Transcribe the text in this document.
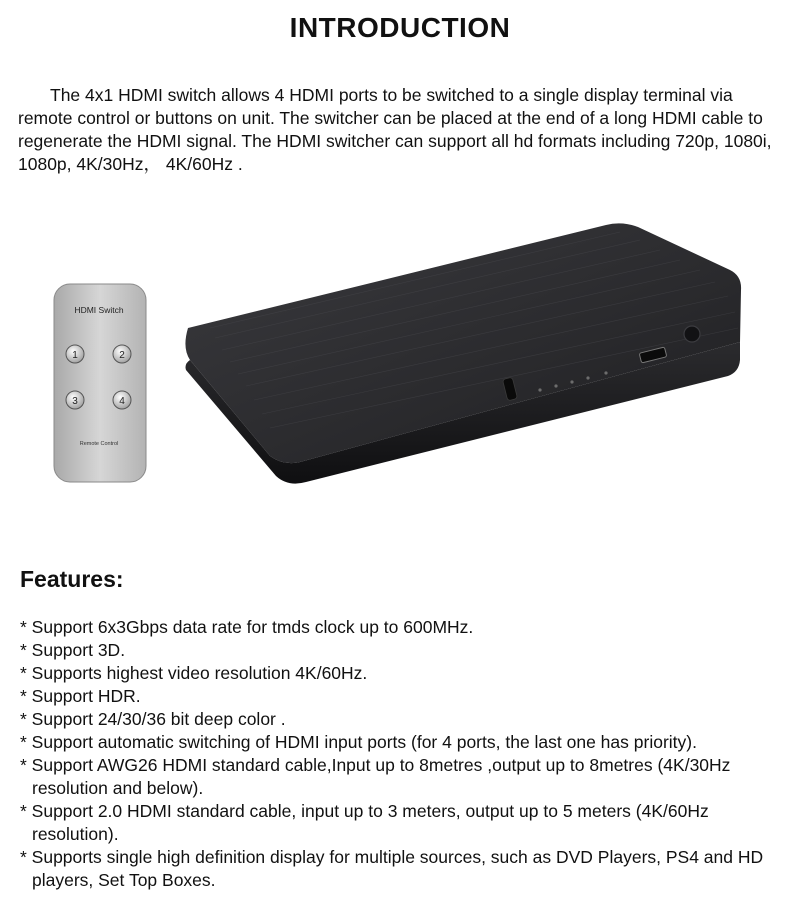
INTRODUCTION

The 4x1 HDMI switch allows 4 HDMI ports to be switched to a single display terminal via remote control or buttons on unit. The switcher can be placed at the end of a long HDMI cable to regenerate the HDMI signal. The HDMI switcher can support all hd formats including 720p, 1080i, 1080p, 4K/30Hz， 4K/60Hz .

HDMI Switch
1	2
3	4
Remote Control
Features:
* Support 6x3Gbps data rate for tmds clock up to 600MHz.
* Support 3D.
* Supports highest video resolution 4K/60Hz.
* Support HDR.
* Support 24/30/36 bit deep color .
* Support automatic switching of HDMI input ports (for 4 ports, the last one has priority).
* Support AWG26 HDMI standard cable,Input up to 8metres ,output up to 8metres (4K/30Hz resolution and below).
* Support 2.0 HDMI standard cable, input up to 3 meters, output up to 5 meters (4K/60Hz resolution).
* Supports single high definition display for multiple sources, such as DVD Players, PS4 and HD players, Set Top Boxes.
